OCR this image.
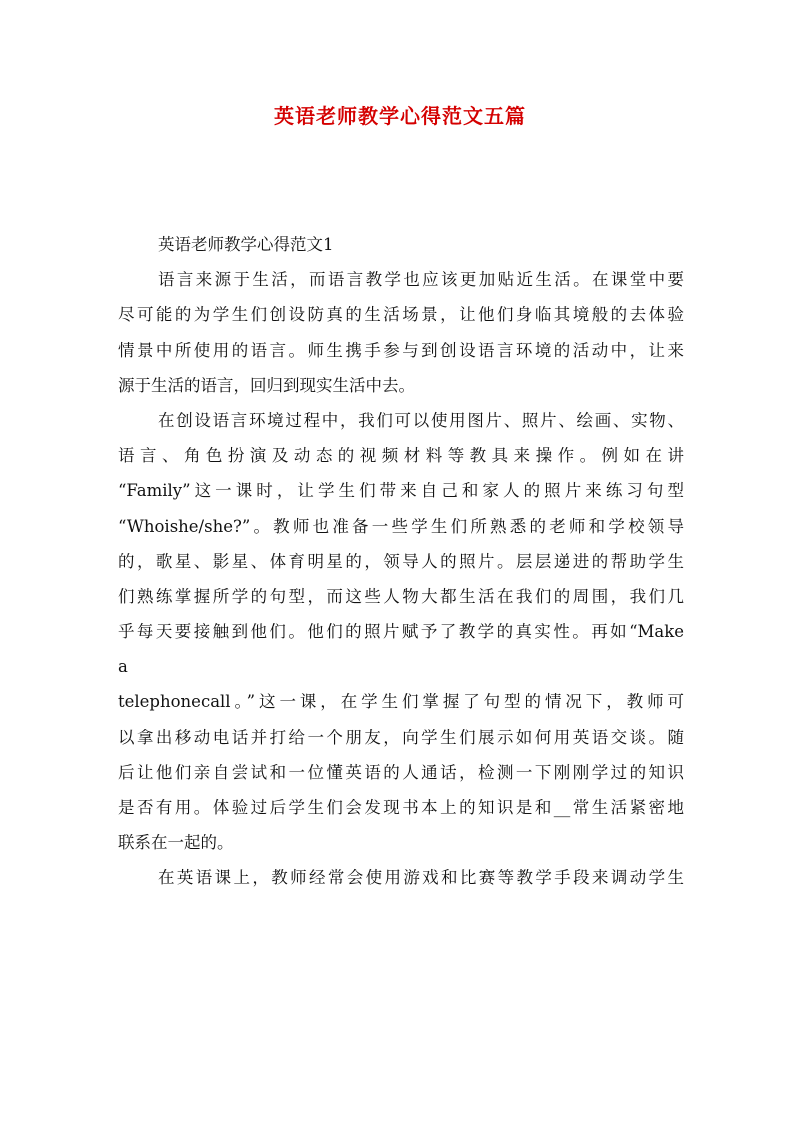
英语老师教学心得范文五篇
英语老师教学心得范文1
语言来源于生活，而语言教学也应该更加贴近生活。在课堂中要
尽可能的为学生们创设防真的生活场景，让他们身临其境般的去体验
情景中所使用的语言。师生携手参与到创设语言环境的活动中，让来
源于生活的语言，回归到现实生活中去。
在创设语言环境过程中，我们可以使用图片、照片、绘画、实物、
语言、角色扮演及动态的视频材料等教具来操作。例如在讲
“Family”这一课时，让学生们带来自己和家人的照片来练习句型
“Whoishe/she?”。教师也准备一些学生们所熟悉的老师和学校领导
的，歌星、影星、体育明星的，领导人的照片。层层递进的帮助学生
们熟练掌握所学的句型，而这些人物大都生活在我们的周围，我们几
乎每天要接触到他们。他们的照片赋予了教学的真实性。再如“Make
a
telephonecall。”这一课，在学生们掌握了句型的情况下，教师可
以拿出移动电话并打给一个朋友，向学生们展示如何用英语交谈。随
后让他们亲自尝试和一位懂英语的人通话，检测一下刚刚学过的知识
是否有用。体验过后学生们会发现书本上的知识是和__常生活紧密地
联系在一起的。
在英语课上，教师经常会使用游戏和比赛等教学手段来调动学生
